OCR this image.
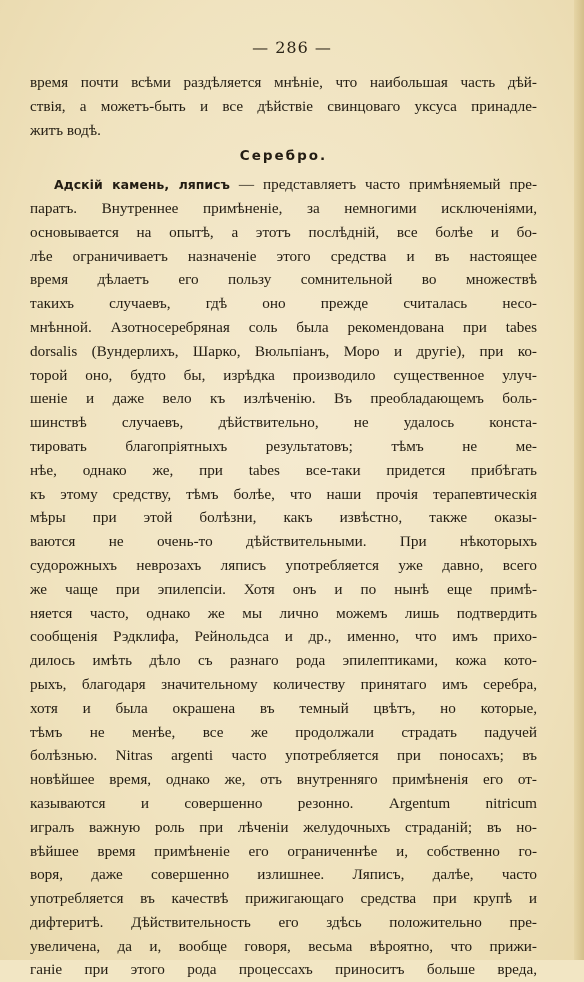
— 286 —
время почти всѣми раздѣляется мнѣніе, что наибольшая часть дѣй-
ствія, а можетъ-быть и все дѣйствіе свинцоваго уксуса принадле-
житъ водѣ.
Серебро.
Адскій камень, ляписъ — представляетъ часто примѣняемый пре-
паратъ. Внутреннее примѣненіе, за немногими исключеніями,
основывается на опытѣ, а этотъ послѣдній, все болѣе и бо-
лѣе ограничиваетъ назначеніе этого средства и въ настоящее
время дѣлаетъ его пользу сомнительной во множествѣ
такихъ случаевъ, гдѣ оно прежде считалась несо-
мнѣнной. Азотносеребряная соль была рекомендована при tabes
dorsalis (Вундерлихъ, Шарко, Вюльпіанъ, Моро и другіе), при ко-
торой оно, будто бы, изрѣдка производило существенное улуч-
шеніе и даже вело къ излѣченію. Въ преобладающемъ боль-
шинствѣ случаевъ, дѣйствительно, не удалось конста-
тировать благопріятныхъ результатовъ; тѣмъ не ме-
нѣе, однако же, при tabes все-таки придется прибѣгать
къ этому средству, тѣмъ болѣе, что наши прочія терапевтическія
мѣры при этой болѣзни, какъ извѣстно, также оказы-
ваются не очень-то дѣйствительными. При нѣкоторыхъ
судорожныхъ неврозахъ ляписъ употребляется уже давно, всего
же чаще при эпилепсіи. Хотя онъ и по нынѣ еще примѣ-
няется часто, однако же мы лично можемъ лишь подтвердить
сообщенія Рэдклифа, Рейнольдса и др., именно, что имъ прихо-
дилось имѣть дѣло съ разнаго рода эпилептиками, кожа кото-
рыхъ, благодаря значительному количеству принятаго имъ серебра,
хотя и была окрашена въ темный цвѣтъ, но которые,
тѣмъ не менѣе, все же продолжали страдать падучей
болѣзнью. Nitras argenti часто употребляется при поносахъ; въ
новѣйшее время, однако же, отъ внутренняго примѣненія его от-
казываются и совершенно резонно. Argentum nitricum
игралъ важную роль при лѣченіи желудочныхъ страданій; въ но-
вѣйшее время примѣненіе его ограниченнѣе и, собственно го-
воря, даже совершенно излишнее. Ляписъ, далѣе, часто
употребляется въ качествѣ прижигающаго средства при крупѣ и
дифтеритѣ. Дѣйствительность его здѣсь положительно пре-
увеличена, да и, вообще говоря, весьма вѣроятно, что прижи-
ганіе при этого рода процессахъ приноситъ больше вреда,
